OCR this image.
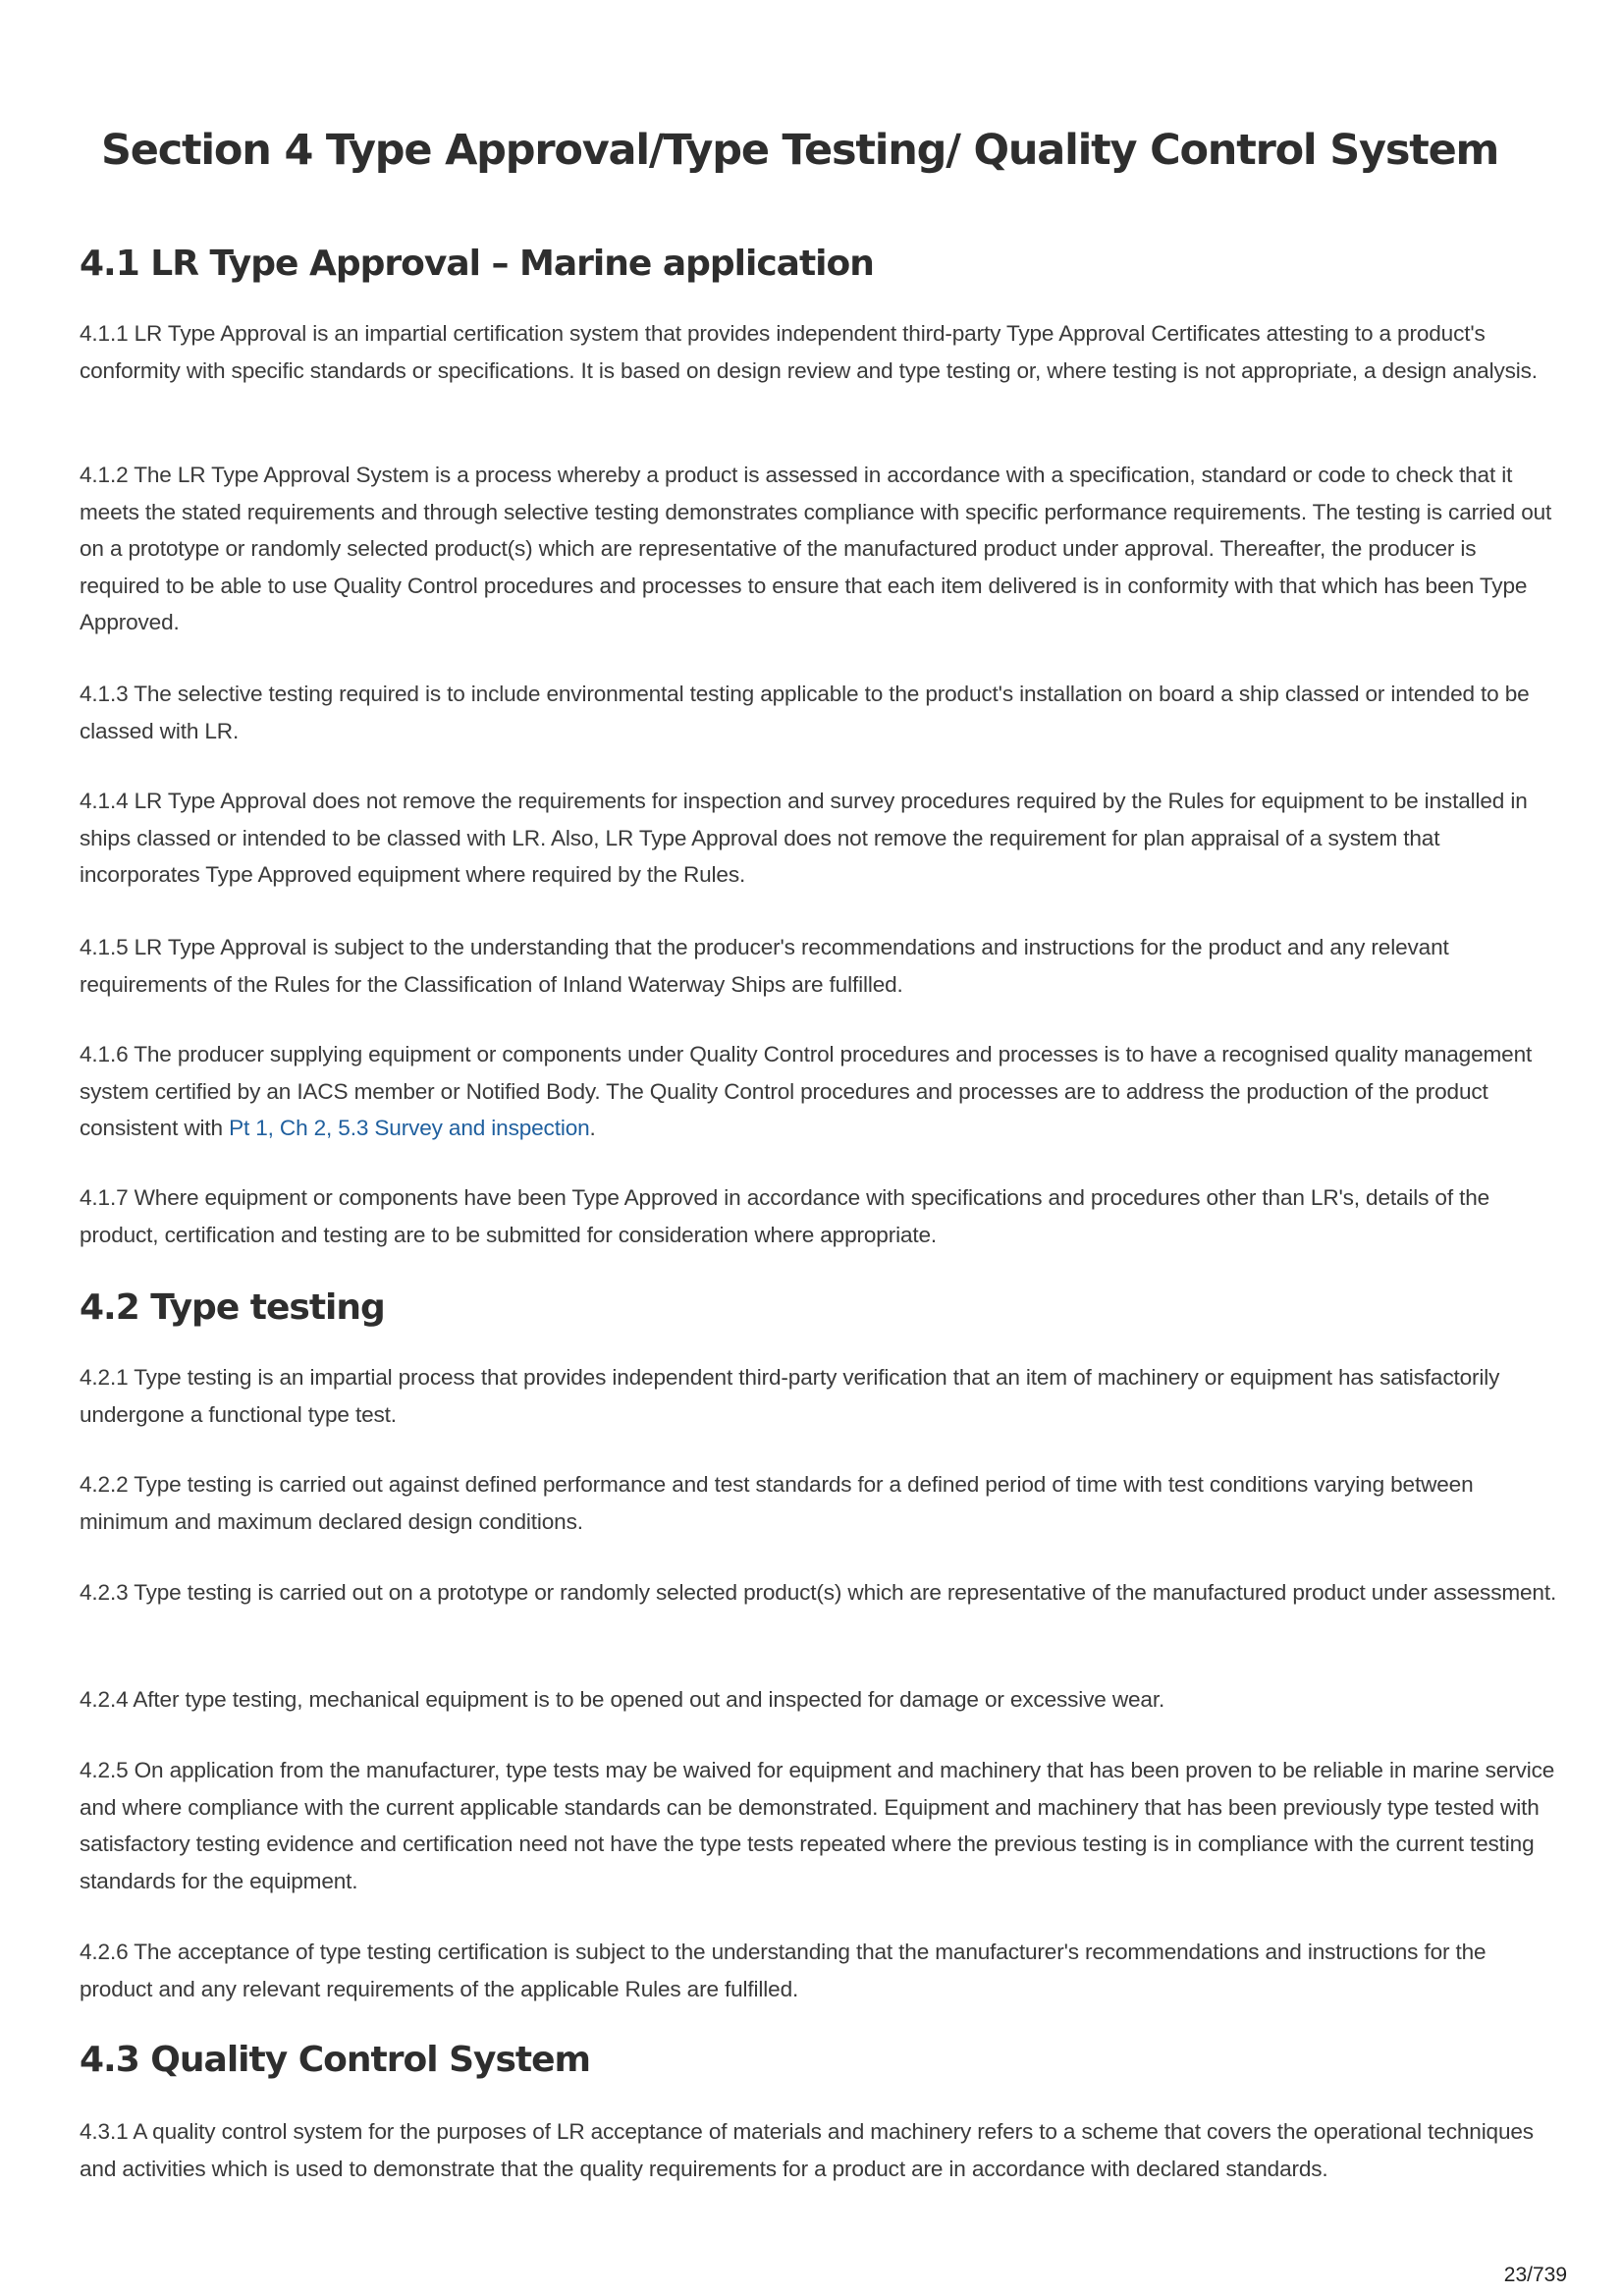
Section 4 Type Approval/Type Testing/ Quality Control System
4.1 LR Type Approval – Marine application

4.1.1 LR Type Approval is an impartial certification system that provides independent third-party Type Approval Certificates attesting to a product's conformity with specific standards or specifications. It is based on design review and type testing or, where testing is not appropriate, a design analysis.

4.1.2 The LR Type Approval System is a process whereby a product is assessed in accordance with a specification, standard or code to check that it meets the stated requirements and through selective testing demonstrates compliance with specific performance requirements. The testing is carried out on a prototype or randomly selected product(s) which are representative of the manufactured product under approval. Thereafter, the producer is required to be able to use Quality Control procedures and processes to ensure that each item delivered is in conformity with that which has been Type Approved.

4.1.3 The selective testing required is to include environmental testing applicable to the product's installation on board a ship classed or intended to be classed with LR.

4.1.4 LR Type Approval does not remove the requirements for inspection and survey procedures required by the Rules for equipment to be installed in ships classed or intended to be classed with LR. Also, LR Type Approval does not remove the requirement for plan appraisal of a system that incorporates Type Approved equipment where required by the Rules.

4.1.5 LR Type Approval is subject to the understanding that the producer's recommendations and instructions for the product and any relevant requirements of the Rules for the Classification of Inland Waterway Ships are fulfilled.

4.1.6 The producer supplying equipment or components under Quality Control procedures and processes is to have a recognised quality management system certified by an IACS member or Notified Body. The Quality Control procedures and processes are to address the production of the product consistent with Pt 1, Ch 2, 5.3 Survey and inspection.

4.1.7 Where equipment or components have been Type Approved in accordance with specifications and procedures other than LR's, details of the product, certification and testing are to be submitted for consideration where appropriate.

4.2 Type testing

4.2.1 Type testing is an impartial process that provides independent third-party verification that an item of machinery or equipment has satisfactorily undergone a functional type test.

4.2.2 Type testing is carried out against defined performance and test standards for a defined period of time with test conditions varying between minimum and maximum declared design conditions.

4.2.3 Type testing is carried out on a prototype or randomly selected product(s) which are representative of the manufactured product under assessment.

4.2.4 After type testing, mechanical equipment is to be opened out and inspected for damage or excessive wear.

4.2.5 On application from the manufacturer, type tests may be waived for equipment and machinery that has been proven to be reliable in marine service and where compliance with the current applicable standards can be demonstrated. Equipment and machinery that has been previously type tested with satisfactory testing evidence and certification need not have the type tests repeated where the previous testing is in compliance with the current testing standards for the equipment.

4.2.6 The acceptance of type testing certification is subject to the understanding that the manufacturer's recommendations and instructions for the product and any relevant requirements of the applicable Rules are fulfilled.

4.3 Quality Control System

4.3.1 A quality control system for the purposes of LR acceptance of materials and machinery refers to a scheme that covers the operational techniques and activities which is used to demonstrate that the quality requirements for a product are in accordance with declared standards.

23/739
